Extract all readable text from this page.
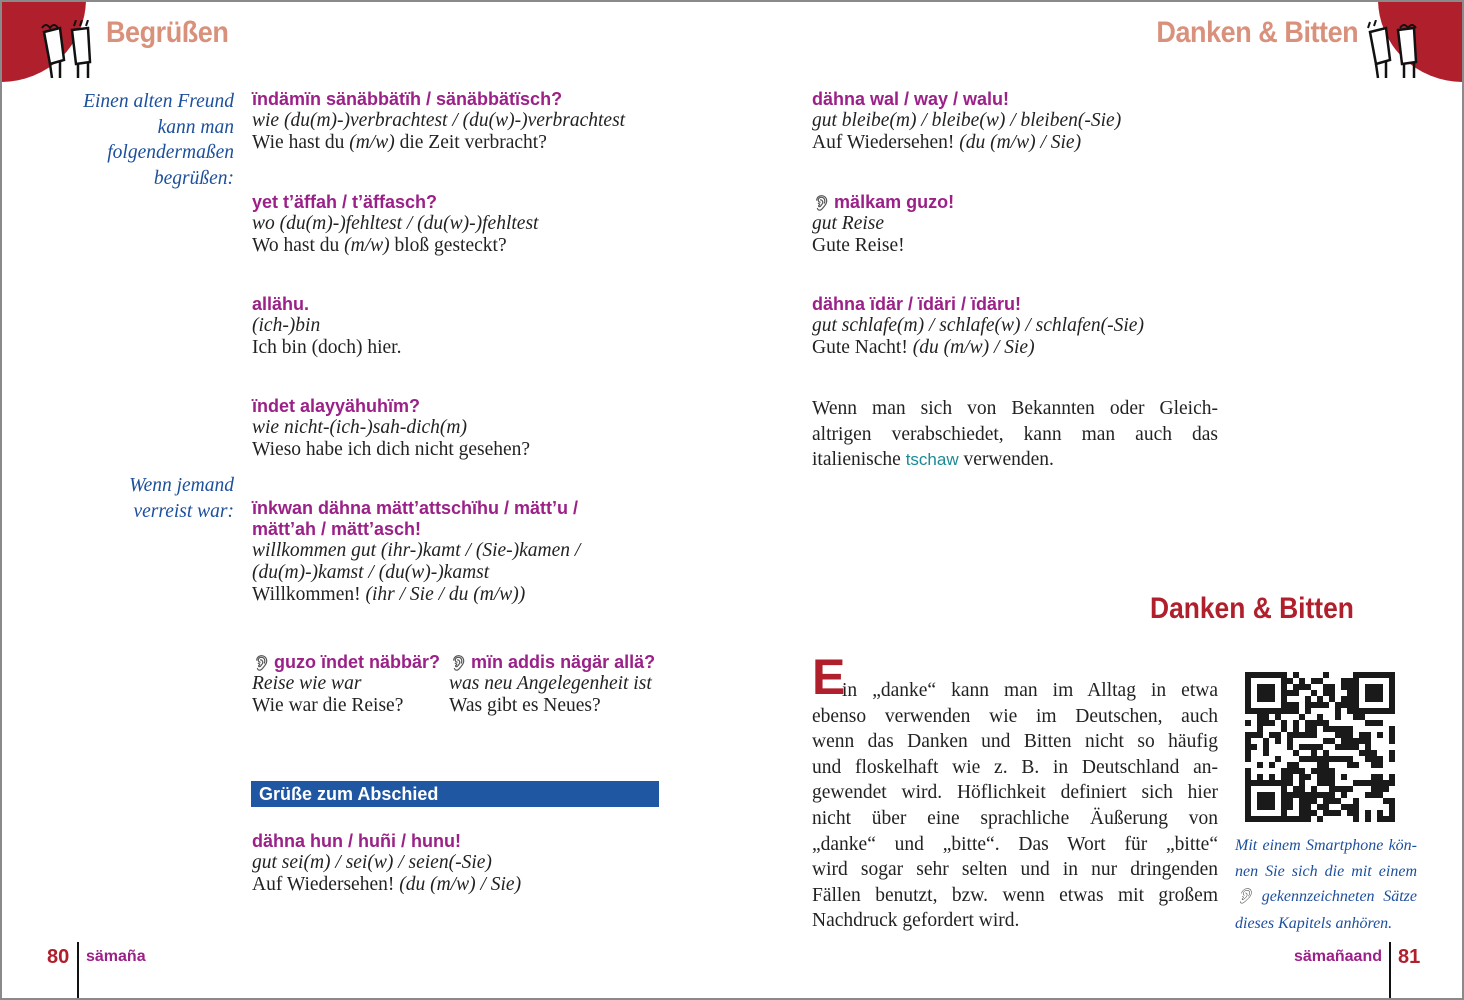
Begrüßen	Danken & Bitten
Einen alten Freund
kann man
folgendermaßen
begrüßen:
Wenn jemand
verreist war:
ïndämïn sänäbbätïh / sänäbbätïsch?
wie (du(m)-)verbrachtest / (du(w)-)verbrachtest
Wie hast du (m/w) die Zeit verbracht?
yet t’äffah / t’äffasch?
wo (du(m)-)fehltest / (du(w)-)fehltest
Wo hast du (m/w) bloß gesteckt?
allähu.
(ich-)bin
Ich bin (doch) hier.
ïndet alayyähuhïm?
wie nicht-(ich-)sah-dich(m)
Wieso habe ich dich nicht gesehen?
ïnkwan dähna mätt’attschïhu / mätt’u /
mätt’ah / mätt’asch!
willkommen gut (ihr-)kamt / (Sie-)kamen /
(du(m)-)kamst / (du(w)-)kamst
Willkommen! (ihr / Sie / du (m/w))
👂︎ guzo ïndet näbbär?
Reise wie war
Wie war die Reise?
👂︎ mïn addis nägär allä?
was neu Angelegenheit ist
Was gibt es Neues?
Grüße zum Abschied
dähna hun / huñi / hunu!
gut sei(m) / sei(w) / seien(-Sie)
Auf Wiedersehen! (du (m/w) / Sie)
dähna wal / way / walu!
gut bleibe(m) / bleibe(w) / bleiben(-Sie)
Auf Wiedersehen! (du (m/w) / Sie)
👂︎ mälkam guzo!
gut Reise
Gute Reise!
dähna ïdär / ïdäri / ïdäru!
gut schlafe(m) / schlafe(w) / schlafen(-Sie)
Gute Nacht! (du (m/w) / Sie)
Wenn man sich von Bekannten oder Gleich-
altrigen verabschiedet, kann man auch das
italienische tschaw verwenden.
Danken & Bitten
E
in „danke“ kann man im Alltag in etwa
ebenso verwenden wie im Deutschen, auch
wenn das Danken und Bitten nicht so häufig
und floskelhaft wie z. B. in Deutschland an-
gewendet wird. Höflichkeit definiert sich hier
nicht über eine sprachliche Äußerung von
„danke“ und „bitte“. Das Wort für „bitte“
wird sogar sehr selten und in nur dringenden
Fällen benutzt, bzw. wenn etwas mit großem
Nachdruck gefordert wird.
Mit einem Smartphone kön-
nen Sie sich die mit einem
👂︎ gekennzeichneten Sätze
dieses Kapitels anhören.
80 sämaña	sämañaand 81
